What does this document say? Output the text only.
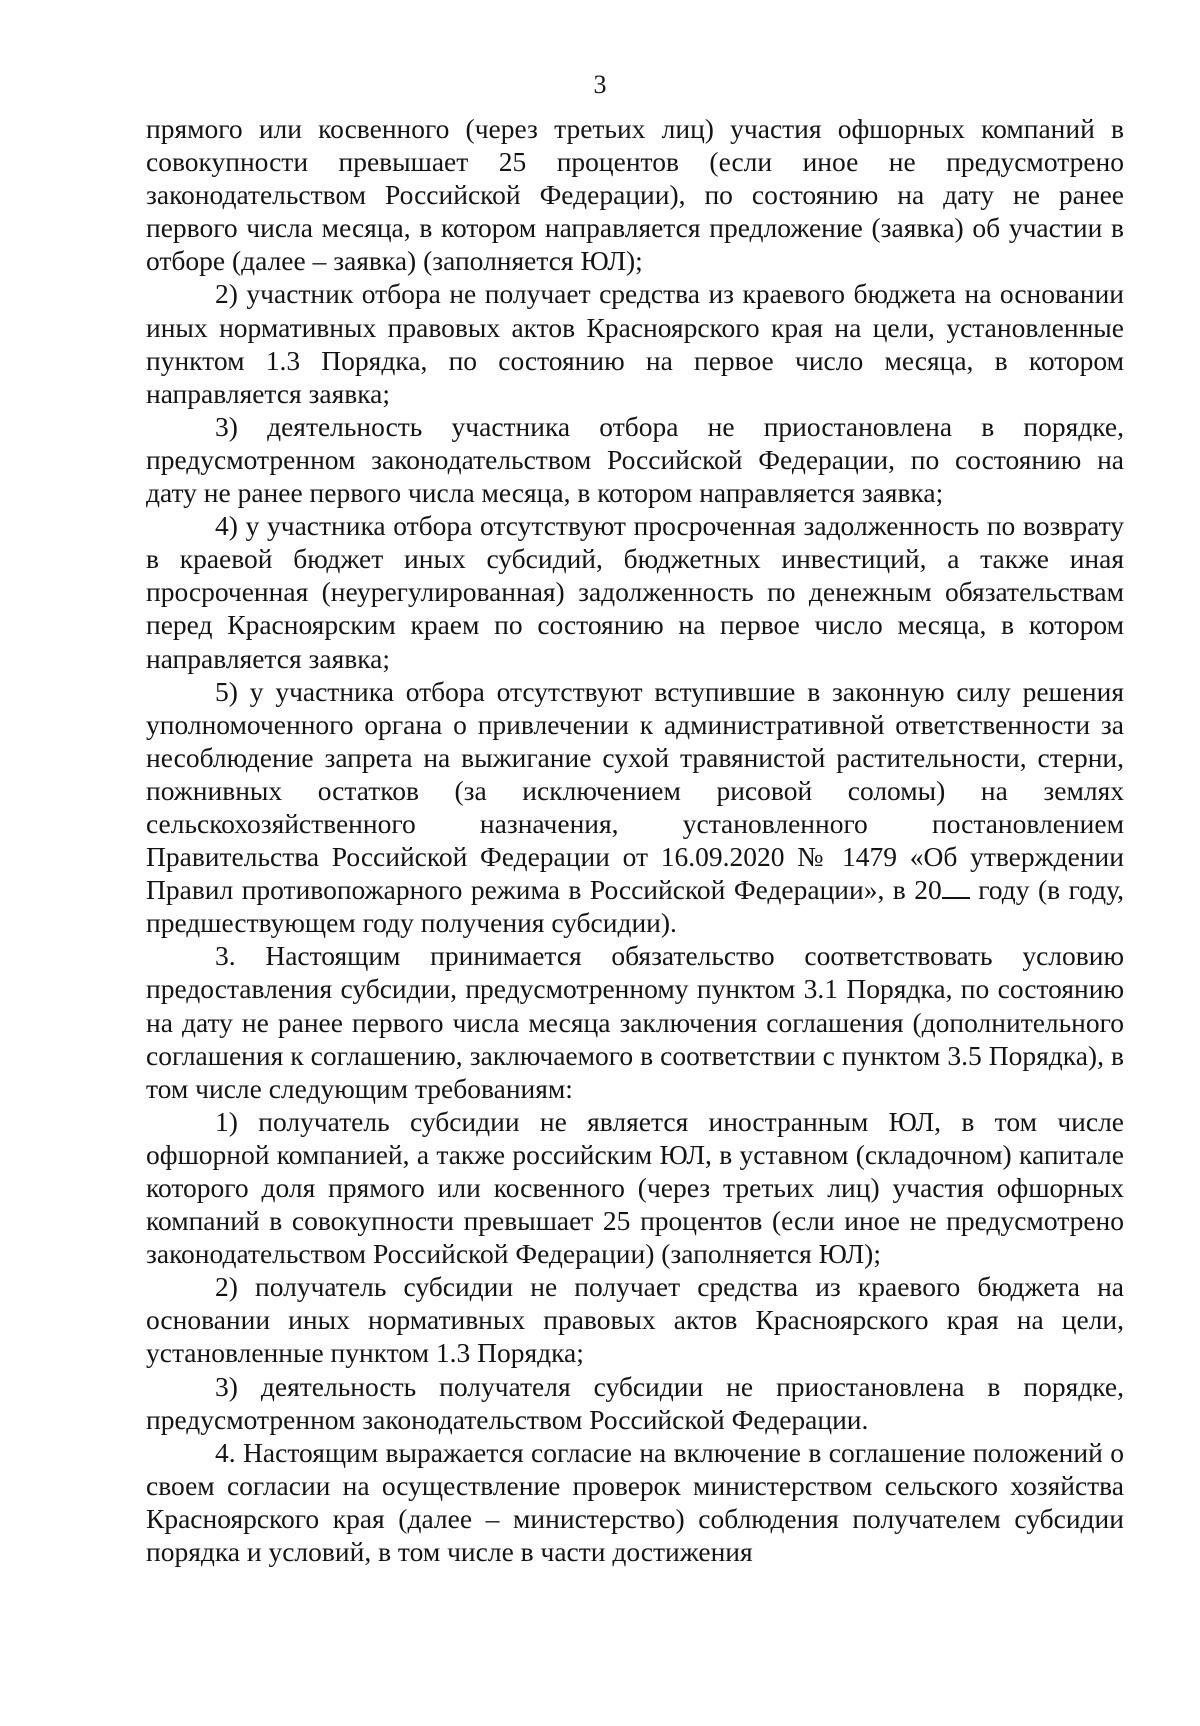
3

прямого или косвенного (через третьих лиц) участия офшорных компаний в совокупности превышает 25 процентов (если иное не предусмотрено законодательством Российской Федерации), по состоянию на дату не ранее первого числа месяца, в котором направляется предложение (заявка) об участии в отборе (далее – заявка) (заполняется ЮЛ);

2) участник отбора не получает средства из краевого бюджета на основании иных нормативных правовых актов Красноярского края на цели, установленные пунктом 1.3 Порядка, по состоянию на первое число месяца, в котором направляется заявка;

3) деятельность участника отбора не приостановлена в порядке, предусмотренном законодательством Российской Федерации, по состоянию на дату не ранее первого числа месяца, в котором направляется заявка;

4) у участника отбора отсутствуют просроченная задолженность по возврату в краевой бюджет иных субсидий, бюджетных инвестиций, а также иная просроченная (неурегулированная) задолженность по денежным обязательствам перед Красноярским краем по состоянию на первое число месяца, в котором направляется заявка;

5) у участника отбора отсутствуют вступившие в законную силу решения уполномоченного органа о привлечении к административной ответственности за несоблюдение запрета на выжигание сухой травянистой растительности, стерни, пожнивных остатков (за исключением рисовой соломы) на землях сельскохозяйственного назначения, установленного постановлением Правительства Российской Федерации от 16.09.2020 № 1479 «Об утверждении Правил противопожарного режима в Российской Федерации», в 20 году (в году, предшествующем году получения субсидии).

3. Настоящим принимается обязательство соответствовать условию предоставления субсидии, предусмотренному пунктом 3.1 Порядка, по состоянию на дату не ранее первого числа месяца заключения соглашения (дополнительного соглашения к соглашению, заключаемого в соответствии с пунктом 3.5 Порядка), в том числе следующим требованиям:

1) получатель субсидии не является иностранным ЮЛ, в том числе офшорной компанией, а также российским ЮЛ, в уставном (складочном) капитале которого доля прямого или косвенного (через третьих лиц) участия офшорных компаний в совокупности превышает 25 процентов (если иное не предусмотрено законодательством Российской Федерации) (заполняется ЮЛ);

2) получатель субсидии не получает средства из краевого бюджета на основании иных нормативных правовых актов Красноярского края на цели, установленные пунктом 1.3 Порядка;

3) деятельность получателя субсидии не приостановлена в порядке, предусмотренном законодательством Российской Федерации.

4. Настоящим выражается согласие на включение в соглашение положений о своем согласии на осуществление проверок министерством сельского хозяйства Красноярского края (далее – министерство) соблюдения получателем субсидии порядка и условий, в том числе в части достижения
